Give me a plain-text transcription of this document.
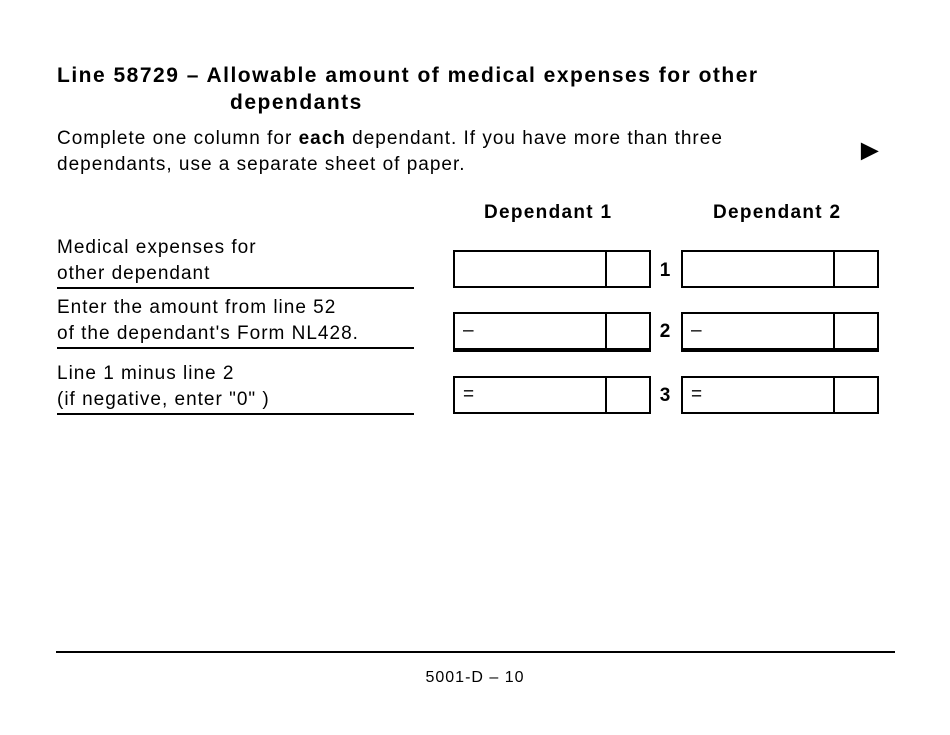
Line 58729 – Allowable amount of medical expenses for other
dependants

Complete one column for each dependant. If you have more than three dependants, use a separate sheet of paper.	►
Dependant 1	Dependant 2
Medical expenses for
other dependant	1
Enter the amount from line 52
of the dependant's Form NL428.	–	2	–
Line 1 minus line 2
(if negative, enter "0" )	=	3	=
5001-D – 10
